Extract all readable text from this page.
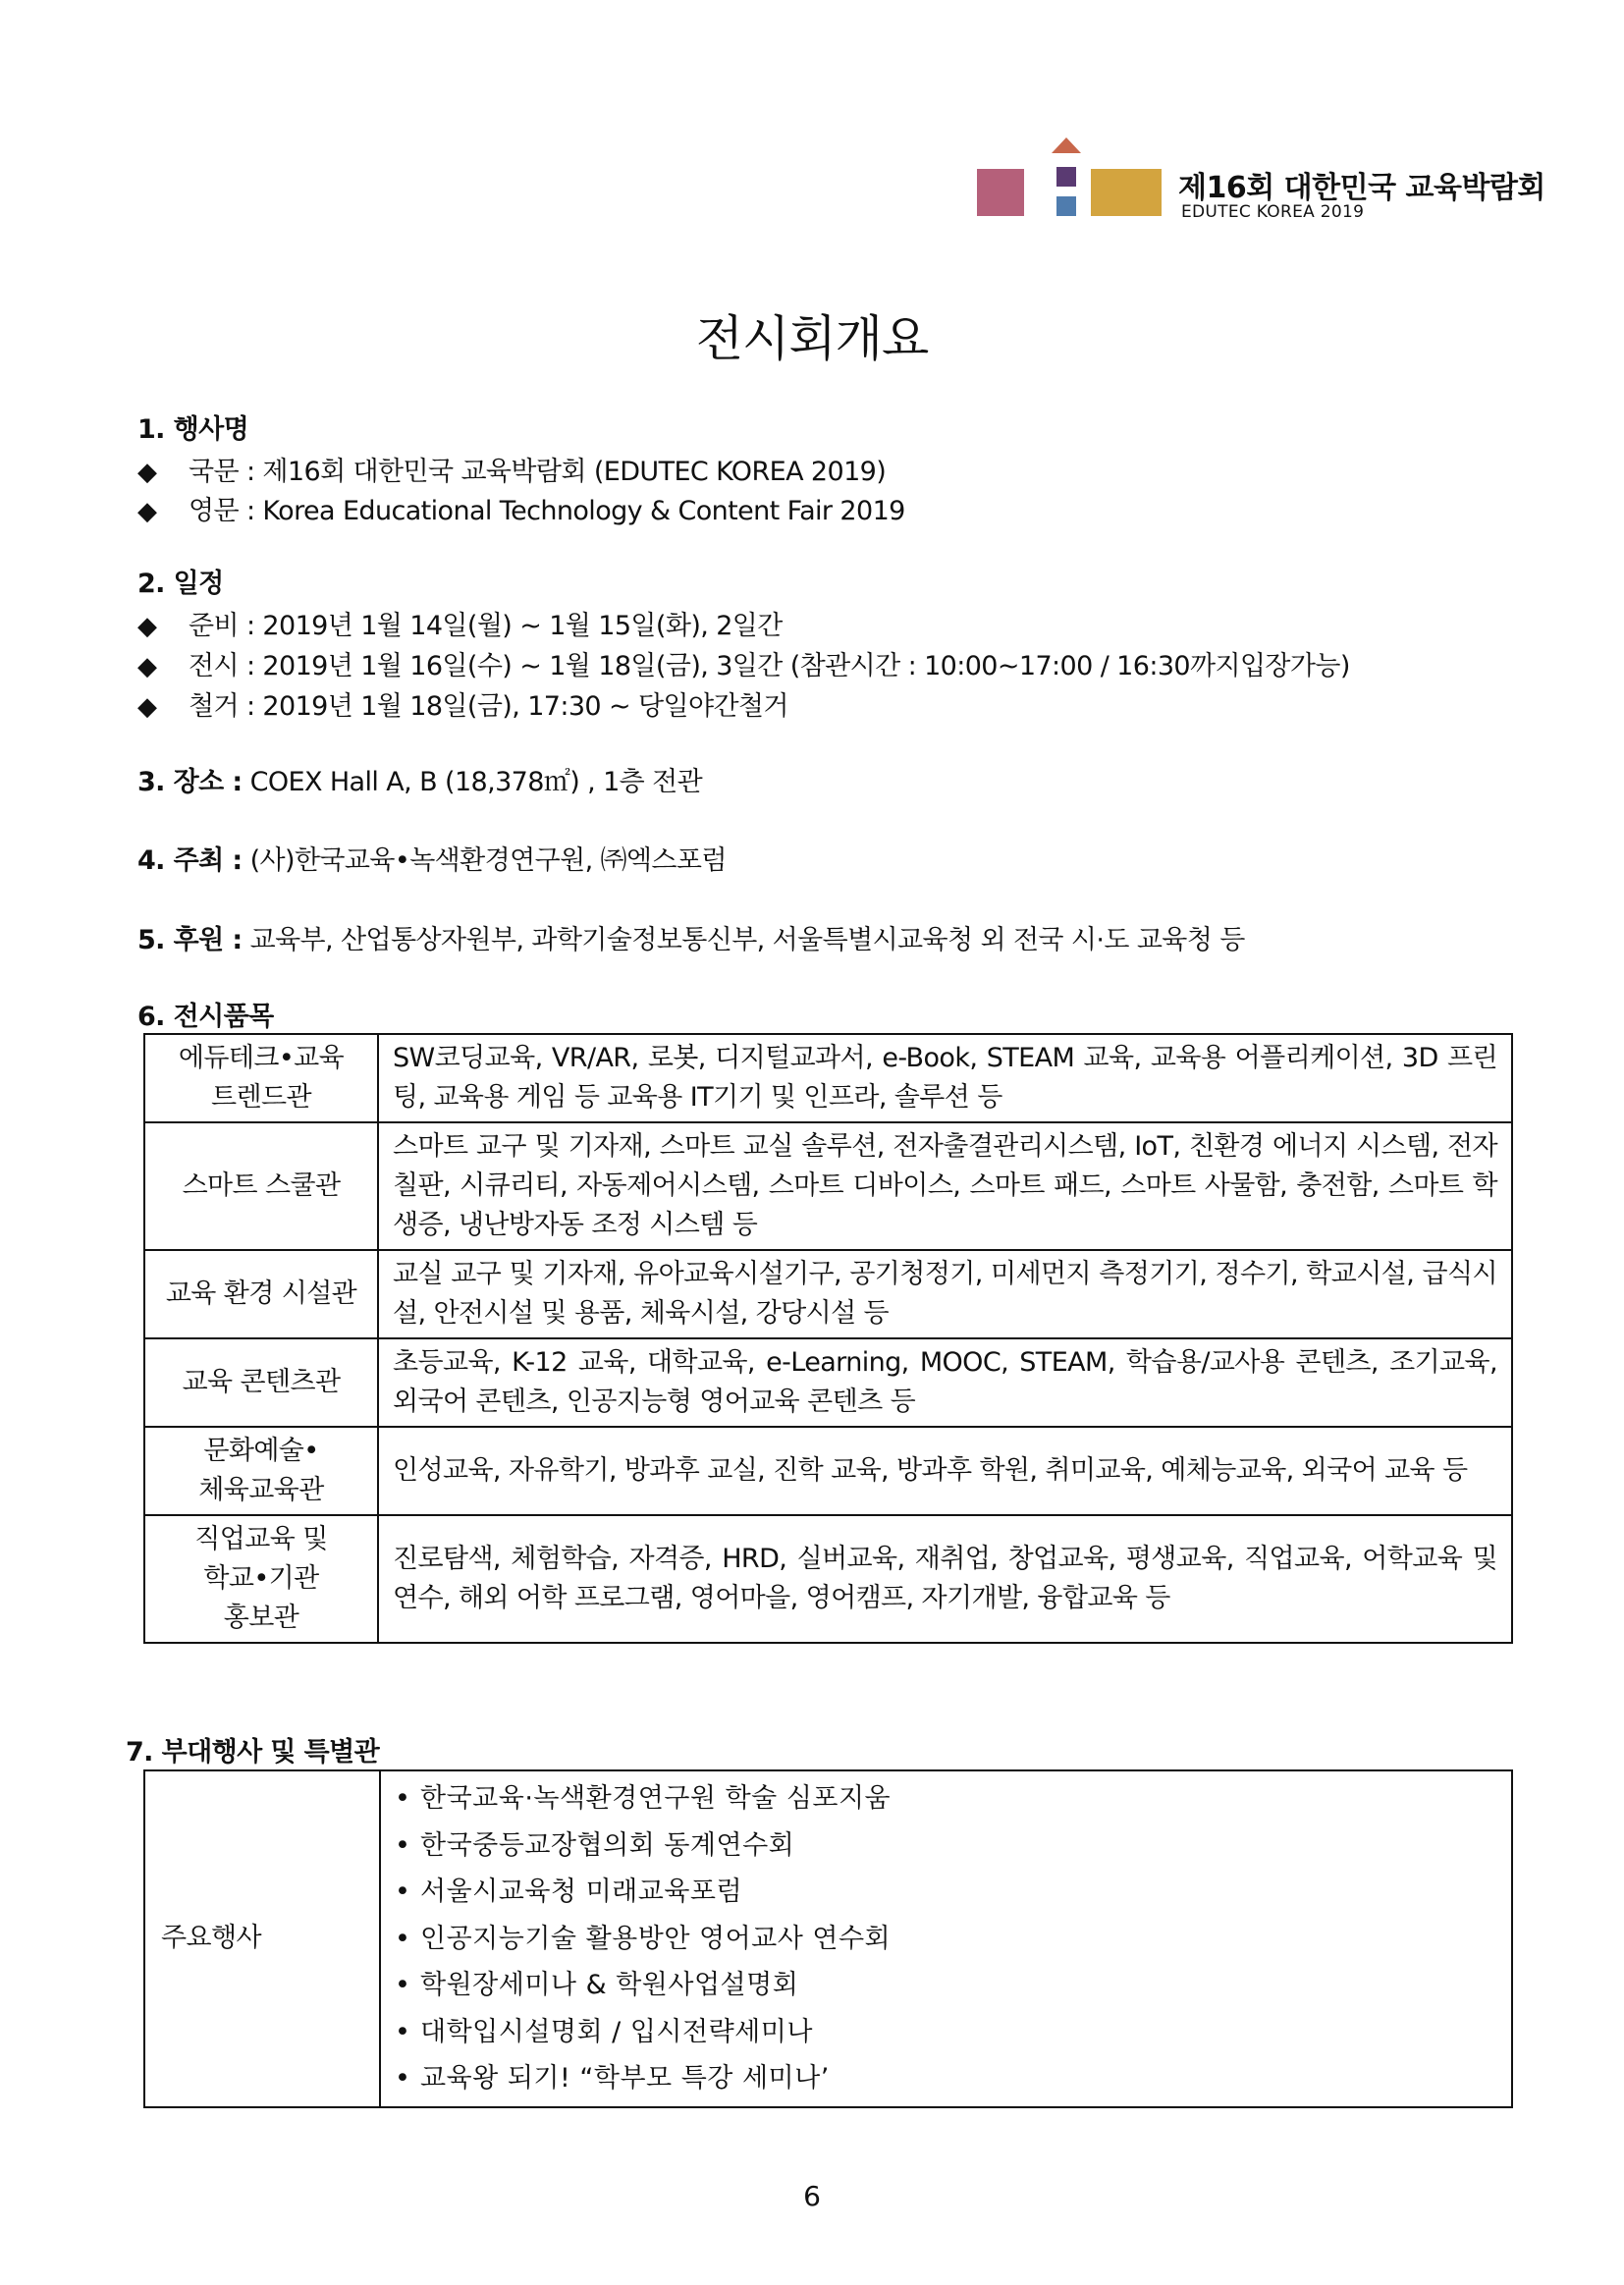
제16회 대한민국 교육박람회
EDUTEC KOREA 2019
전시회개요
1. 행사명
◆ 국문 : 제16회 대한민국 교육박람회 (EDUTEC KOREA 2019)
◆ 영문 : Korea Educational Technology & Content Fair 2019
2. 일정
◆ 준비 : 2019년 1월 14일(월) ~ 1월 15일(화), 2일간
◆ 전시 : 2019년 1월 16일(수) ~ 1월 18일(금), 3일간 (참관시간 : 10:00~17:00 / 16:30까지입장가능)
◆ 철거 : 2019년 1월 18일(금), 17:30 ~ 당일야간철거
3. 장소 : COEX Hall A, B (18,378㎡) , 1층 전관
4. 주최 : (사)한국교육•녹색환경연구원, ㈜엑스포럼
5. 후원 : 교육부, 산업통상자원부, 과학기술정보통신부, 서울특별시교육청 외 전국 시·도 교육청 등
6. 전시품목
에듀테크•교육
트렌드관	SW코딩교육, VR/AR, 로봇, 디지털교과서, e-Book, STEAM 교육, 교육용 어플리케이션, 3D 프린팅, 교육용 게임 등 교육용 IT기기 및 인프라, 솔루션 등

스마트 스쿨관	스마트 교구 및 기자재, 스마트 교실 솔루션, 전자출결관리시스템, IoT, 친환경 에너지 시스템, 전자칠판, 시큐리티, 자동제어시스템, 스마트 디바이스, 스마트 패드, 스마트 사물함, 충전함, 스마트 학생증, 냉난방자동 조정 시스템 등

교육 환경 시설관	교실 교구 및 기자재, 유아교육시설기구, 공기청정기, 미세먼지 측정기기, 정수기, 학교시설, 급식시설, 안전시설 및 용품, 체육시설, 강당시설 등

교육 콘텐츠관	초등교육, K-12 교육, 대학교육, e-Learning, MOOC, STEAM, 학습용/교사용 콘텐츠, 조기교육, 외국어 콘텐츠, 인공지능형 영어교육 콘텐츠 등

문화예술•
체육교육관	인성교육, 자유학기, 방과후 교실, 진학 교육, 방과후 학원, 취미교육, 예체능교육, 외국어 교육 등

직업교육 및
학교•기관
홍보관	진로탐색, 체험학습, 자격증, HRD, 실버교육, 재취업, 창업교육, 평생교육, 직업교육, 어학교육 및 연수, 해외 어학 프로그램, 영어마을, 영어캠프, 자기개발, 융합교육 등
7. 부대행사 및 특별관
주요행사	
• 한국교육·녹색환경연구원 학술 심포지움
• 한국중등교장협의회 동계연수회
• 서울시교육청 미래교육포럼
• 인공지능기술 활용방안 영어교사 연수회
• 학원장세미나 & 학원사업설명회
• 대학입시설명회 / 입시전략세미나
• 교육왕 되기! “학부모 특강 세미나’
6
